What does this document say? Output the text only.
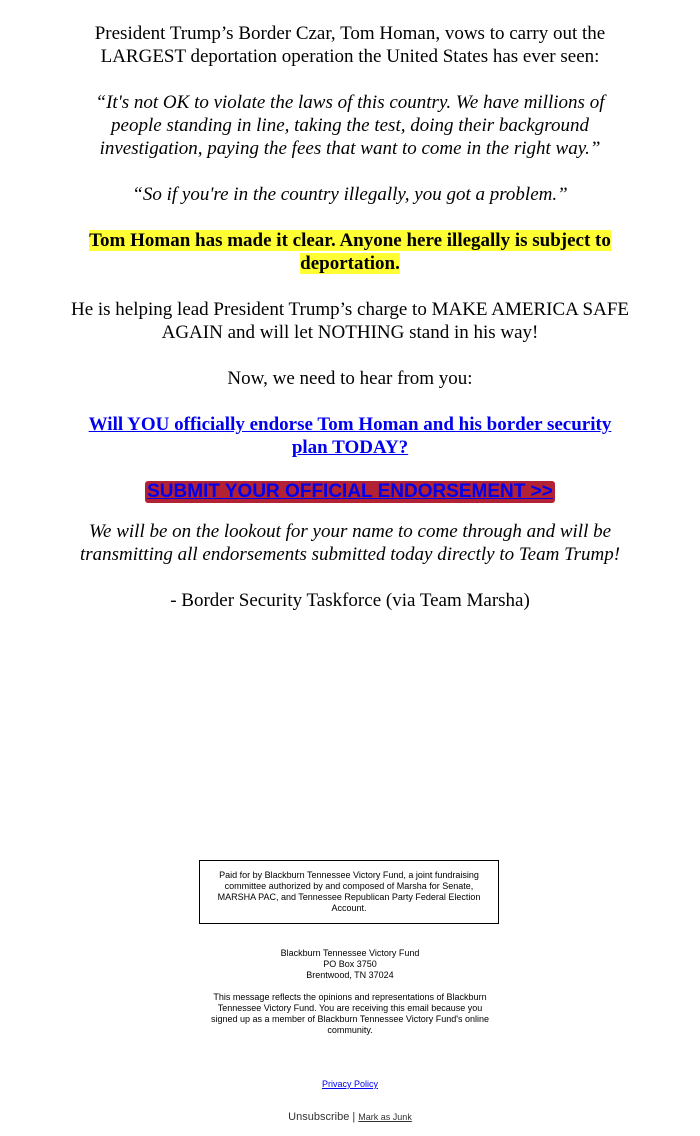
President Trump’s Border Czar, Tom Homan, vows to carry out the LARGEST deportation operation the United States has ever seen:

“It's not OK to violate the laws of this country. We have millions of people standing in line, taking the test, doing their background investigation, paying the fees that want to come in the right way.”

“So if you're in the country illegally, you got a problem.”

Tom Homan has made it clear. Anyone here illegally is subject to deportation.

He is helping lead President Trump’s charge to MAKE AMERICA SAFE AGAIN and will let NOTHING stand in his way!

Now, we need to hear from you:

Will YOU officially endorse Tom Homan and his border security plan TODAY?

SUBMIT YOUR OFFICIAL ENDORSEMENT >>

We will be on the lookout for your name to come through and will be transmitting all endorsements submitted today directly to Team Trump!

- Border Security Taskforce (via Team Marsha)

Paid for by Blackburn Tennessee Victory Fund, a joint fundraising committee authorized by and composed of Marsha for Senate, MARSHA PAC, and Tennessee Republican Party Federal Election Account.
Blackburn Tennessee Victory Fund
PO Box 3750
Brentwood, TN 37024
This message reflects the opinions and representations of Blackburn Tennessee Victory Fund. You are receiving this email because you signed up as a member of Blackburn Tennessee Victory Fund's online community.
Privacy Policy
Unsubscribe | Mark as Junk
